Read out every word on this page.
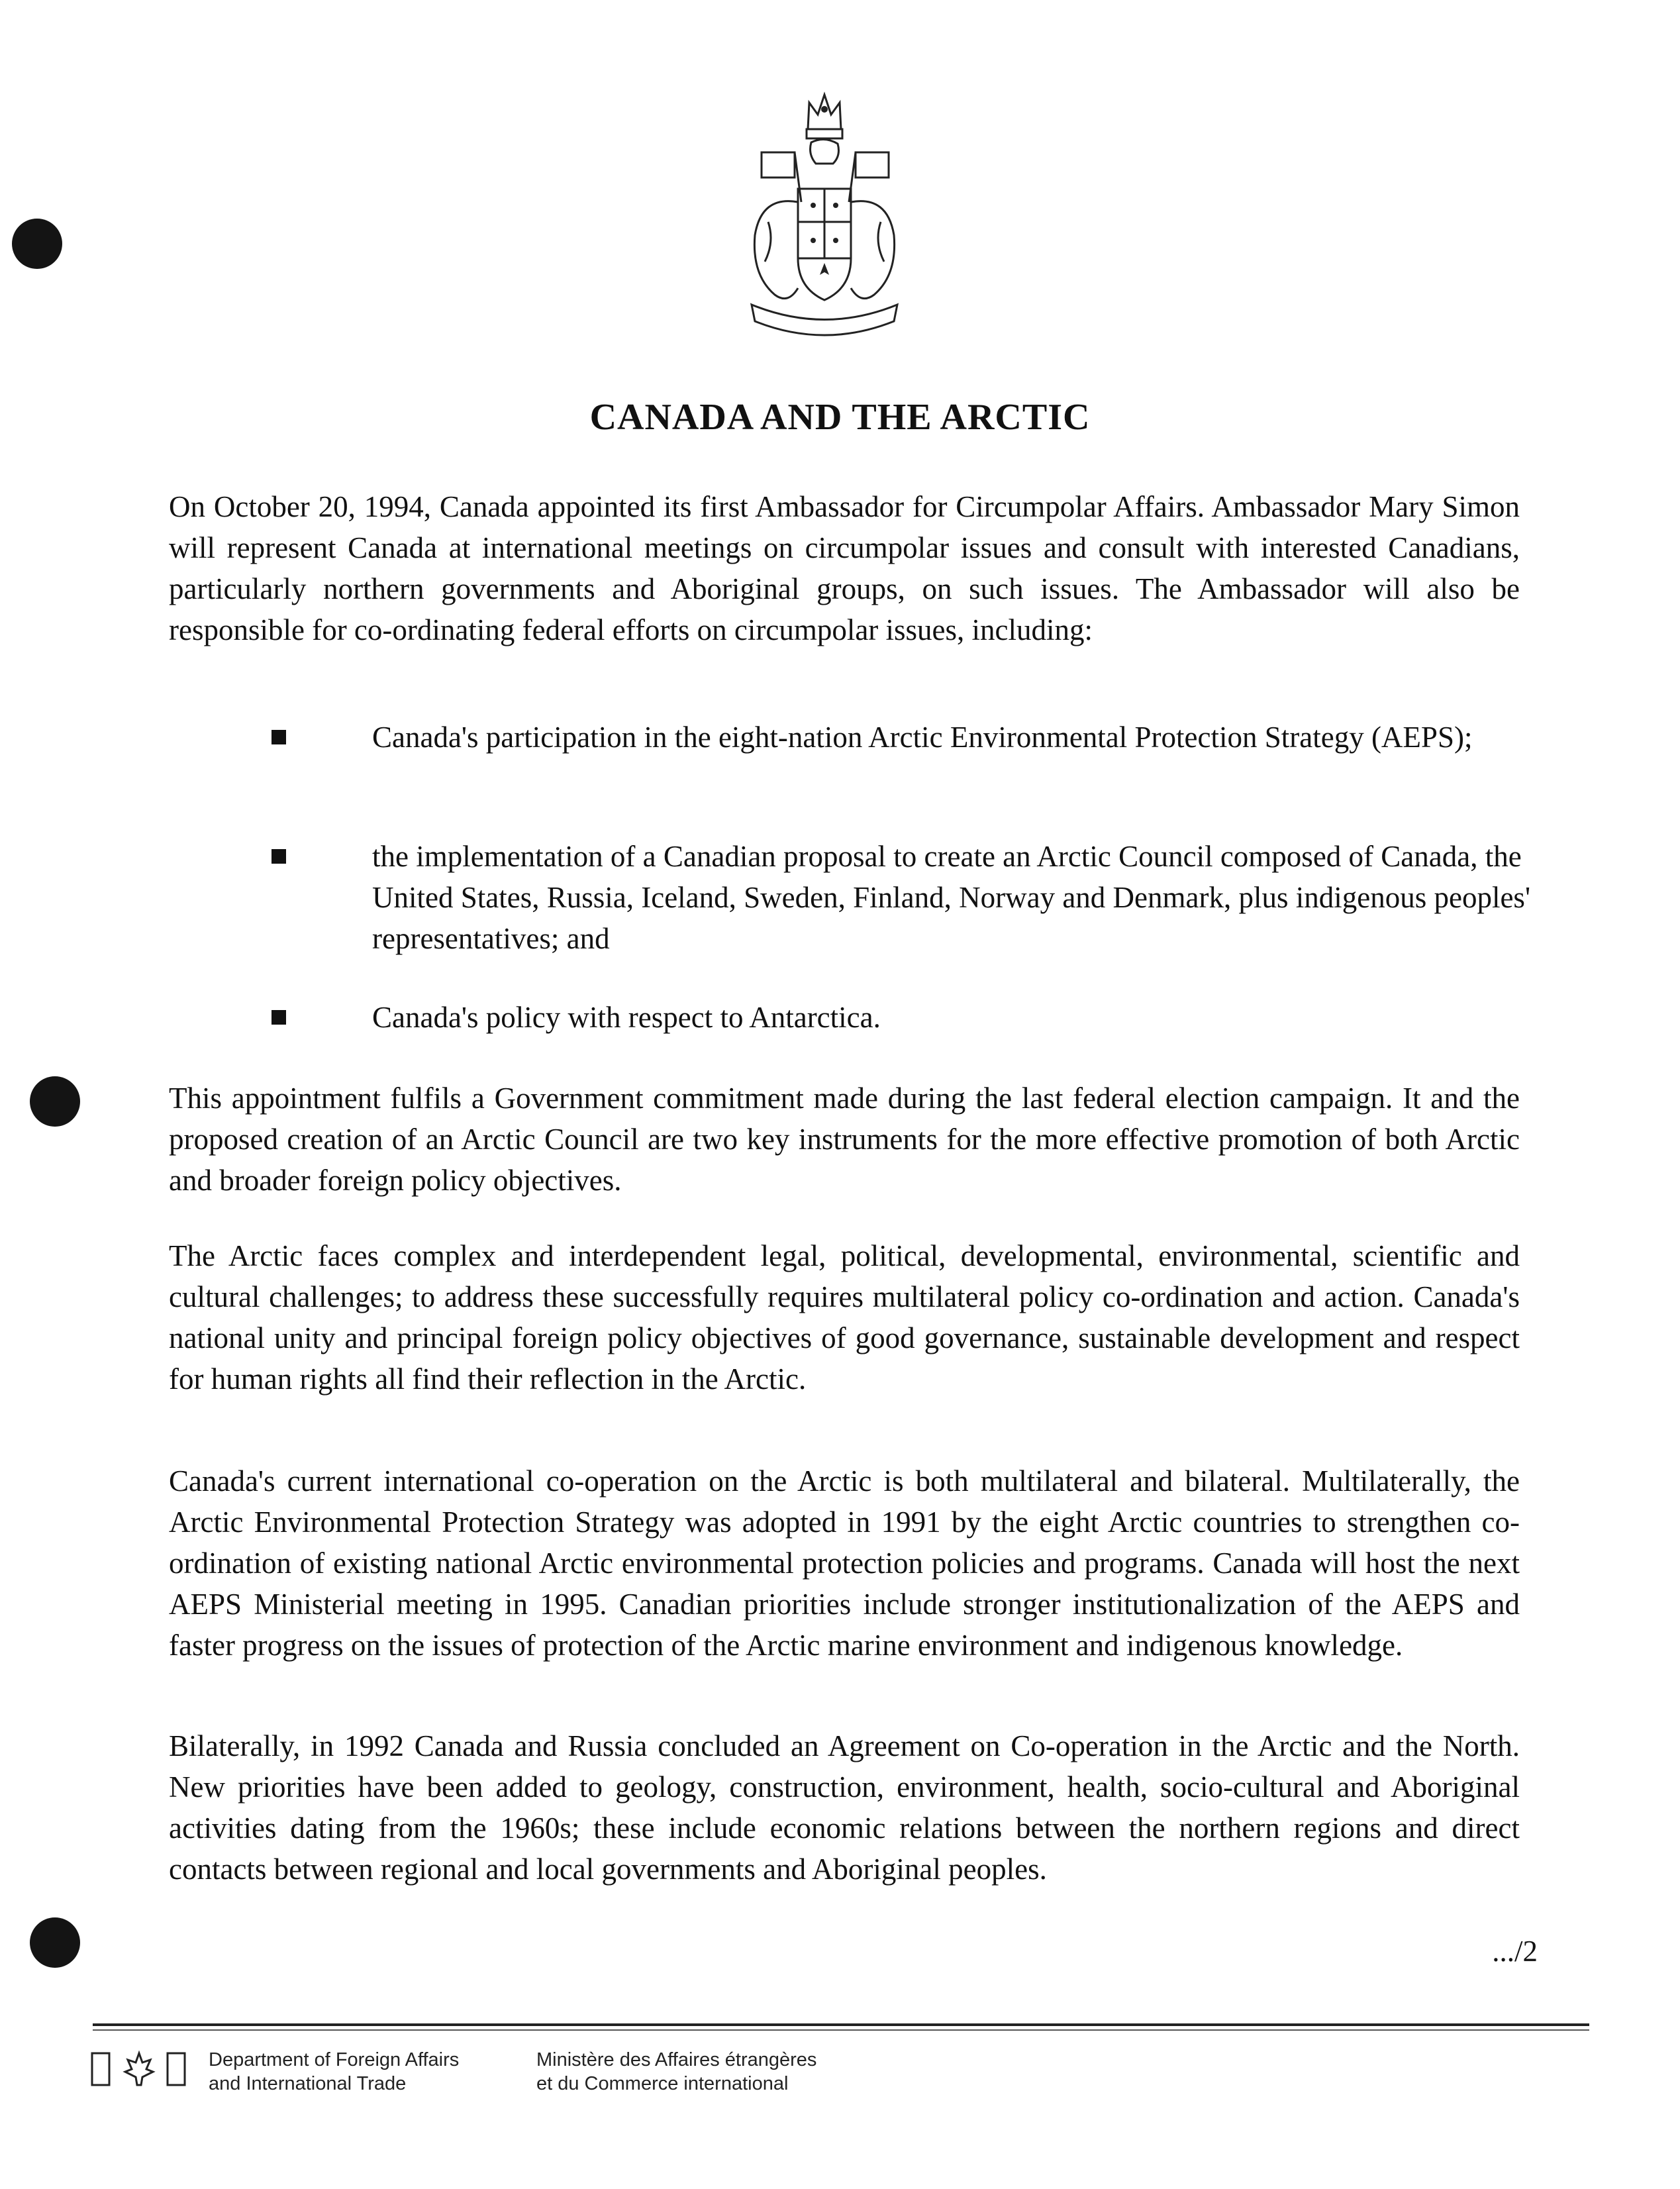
CANADA AND THE ARCTIC

On October 20, 1994, Canada appointed its first Ambassador for Circumpolar Affairs. Ambassador Mary Simon will represent Canada at international meetings on circumpolar issues and consult with interested Canadians, particularly northern governments and Aboriginal groups, on such issues. The Ambassador will also be responsible for co-ordinating federal efforts on circumpolar issues, including:

Canada's participation in the eight-nation Arctic Environmental Protection Strategy (AEPS);

the implementation of a Canadian proposal to create an Arctic Council composed of Canada, the United States, Russia, Iceland, Sweden, Finland, Norway and Denmark, plus indigenous peoples' representatives; and

Canada's policy with respect to Antarctica.

This appointment fulfils a Government commitment made during the last federal election campaign. It and the proposed creation of an Arctic Council are two key instruments for the more effective promotion of both Arctic and broader foreign policy objectives.

The Arctic faces complex and interdependent legal, political, developmental, environmental, scientific and cultural challenges; to address these successfully requires multilateral policy co-ordination and action. Canada's national unity and principal foreign policy objectives of good governance, sustainable development and respect for human rights all find their reflection in the Arctic.

Canada's current international co-operation on the Arctic is both multilateral and bilateral. Multilaterally, the Arctic Environmental Protection Strategy was adopted in 1991 by the eight Arctic countries to strengthen co-ordination of existing national Arctic environmental protection policies and programs. Canada will host the next AEPS Ministerial meeting in 1995. Canadian priorities include stronger institutionalization of the AEPS and faster progress on the issues of protection of the Arctic marine environment and indigenous knowledge.

Bilaterally, in 1992 Canada and Russia concluded an Agreement on Co-operation in the Arctic and the North. New priorities have been added to geology, construction, environment, health, socio-cultural and Aboriginal activities dating from the 1960s; these include economic relations between the northern regions and direct contacts between regional and local governments and Aboriginal peoples.

.../2
Department of Foreign Affairs
and International Trade
Ministère des Affaires étrangères
et du Commerce international
